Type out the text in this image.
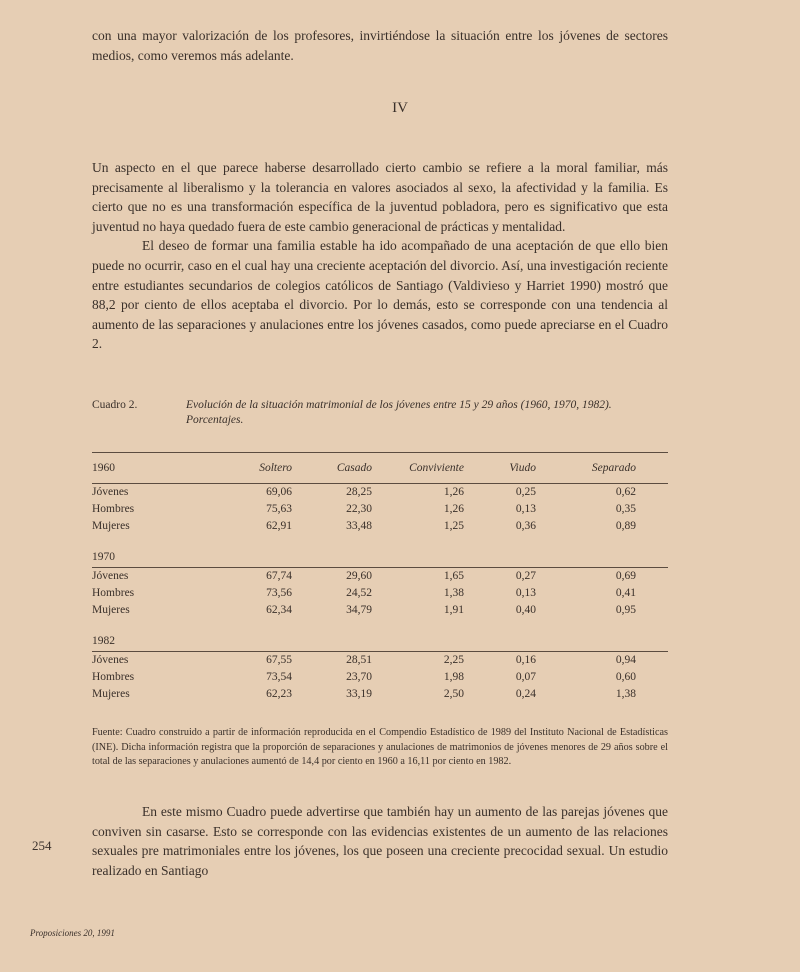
con una mayor valorización de los profesores, invirtiéndose la situación entre los jóvenes de sectores medios, como veremos más adelante.

IV

Un aspecto en el que parece haberse desarrollado cierto cambio se refiere a la moral familiar, más precisamente al liberalismo y la tolerancia en valores asociados al sexo, la afectividad y la familia. Es cierto que no es una transformación específica de la juventud pobladora, pero es significativo que esta juventud no haya quedado fuera de este cambio generacional de prácticas y mentalidad.

El deseo de formar una familia estable ha ido acompañado de una aceptación de que ello bien puede no ocurrir, caso en el cual hay una creciente aceptación del divorcio. Así, una investigación reciente entre estudiantes secundarios de colegios católicos de Santiago (Valdivieso y Harriet 1990) mostró que 88,2 por ciento de ellos aceptaba el divorcio. Por lo demás, esto se corresponde con una tendencia al aumento de las separaciones y anulaciones entre los jóvenes casados, como puede apreciarse en el Cuadro 2.

Cuadro 2.	Evolución de la situación matrimonial de los jóvenes entre 15 y 29 años (1960, 1970, 1982). Porcentajes.
1960	Soltero	Casado	Conviviente	Viudo	Separado
Jóvenes	69,06	28,25	1,26	0,25	0,62
Hombres	75,63	22,30	1,26	0,13	0,35
Mujeres	62,91	33,48	1,25	0,36	0,89
1970
Jóvenes	67,74	29,60	1,65	0,27	0,69
Hombres	73,56	24,52	1,38	0,13	0,41
Mujeres	62,34	34,79	1,91	0,40	0,95
1982
Jóvenes	67,55	28,51	2,25	0,16	0,94
Hombres	73,54	23,70	1,98	0,07	0,60
Mujeres	62,23	33,19	2,50	0,24	1,38
Fuente: Cuadro construido a partir de información reproducida en el Compendio Estadístico de 1989 del Instituto Nacional de Estadísticas (INE). Dicha información registra que la proporción de separaciones y anulaciones de matrimonios de jóvenes menores de 29 años sobre el total de las separaciones y anulaciones aumentó de 14,4 por ciento en 1960 a 16,11 por ciento en 1982.
En este mismo Cuadro puede advertirse que también hay un aumento de las parejas jóvenes que conviven sin casarse. Esto se corresponde con las evidencias existentes de un aumento de las relaciones sexuales pre matrimoniales entre los jóvenes, los que poseen una creciente precocidad sexual. Un estudio realizado en Santiago
254
Proposiciones 20, 1991
